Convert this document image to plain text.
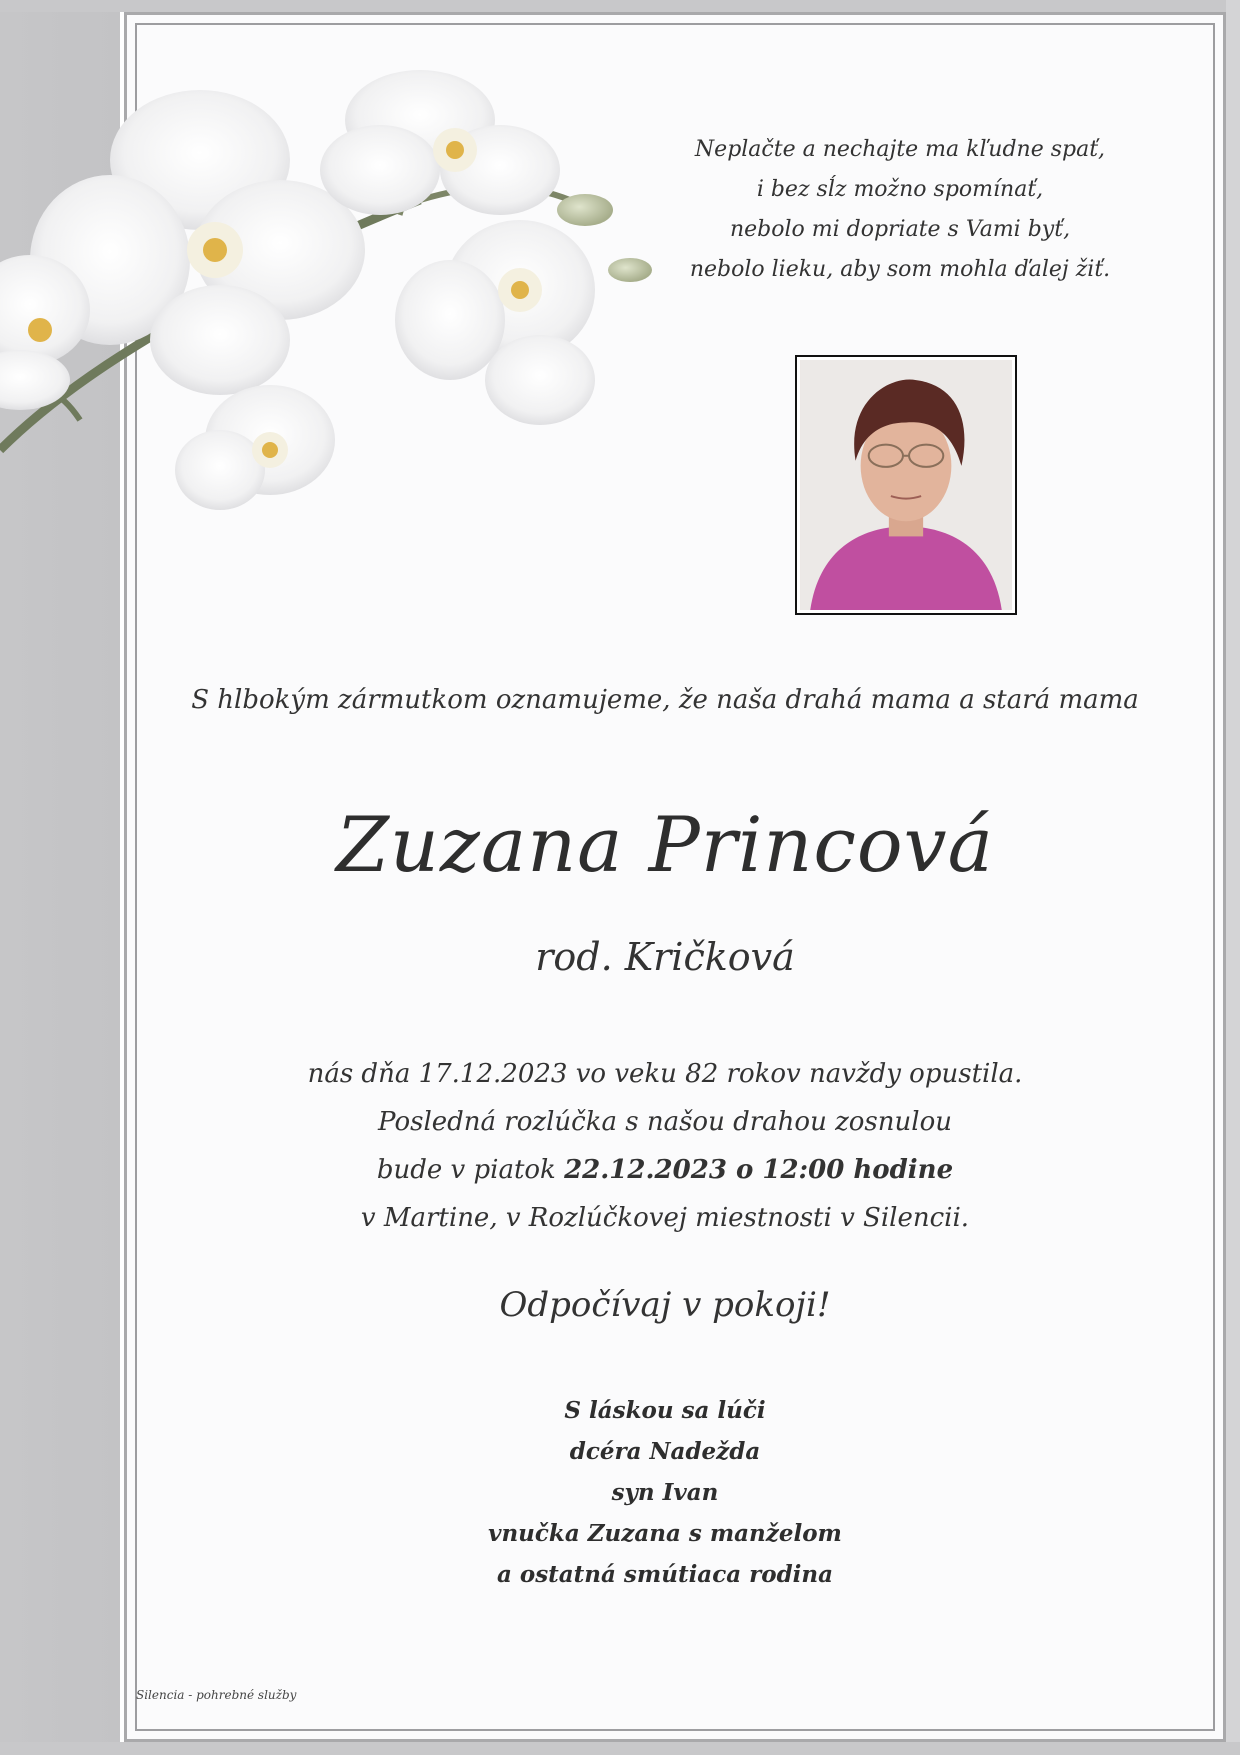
Neplačte a nechajte ma kľudne spať,
i bez sĺz možno spomínať,
nebolo mi dopriate s Vami byť,
nebolo lieku, aby som mohla ďalej žiť.
S hlbokým zármutkom oznamujeme, že naša drahá mama a stará mama
Zuzana Princová
rod. Kričková
nás dňa 17.12.2023 vo veku 82 rokov navždy opustila.
Posledná rozlúčka s našou drahou zosnulou
bude v piatok 22.12.2023 o 12:00 hodine
v Martine, v Rozlúčkovej miestnosti v Silencii.
Odpočívaj v pokoji!
S láskou sa lúči
dcéra Nadežda
syn Ivan
vnučka Zuzana s manželom
a ostatná smútiaca rodina
Silencia - pohrebné služby
